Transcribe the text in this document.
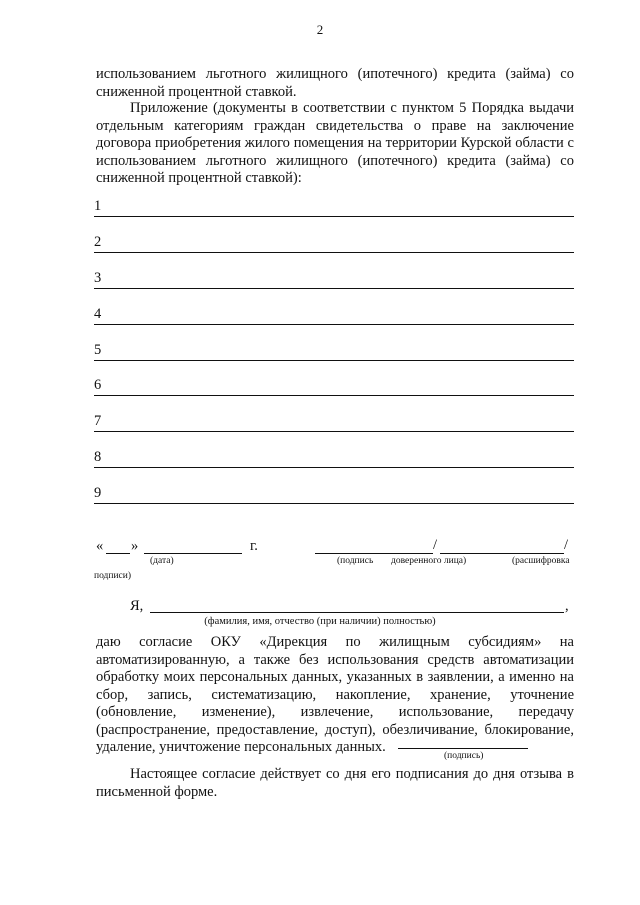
2
использованием льготного жилищного (ипотечного) кредита (займа) со сниженной процентной ставкой.
Приложение (документы в соответствии с пунктом 5 Порядка выдачи отдельным категориям граждан свидетельства о праве на заключение договора приобретения жилого помещения на территории Курской области с использованием льготного жилищного (ипотечного) кредита (займа) со сниженной процентной ставкой):
1
2
3
4
5
6
7
8
9
« »	г.
(дата)
/	/
(подпись доверенного лица)	(расшифровка
подписи)
Я,	,
(фамилия, имя, отчество (при наличии) полностью)
даю согласие ОКУ «Дирекция по жилищным субсидиям» на автоматизированную, а также без использования средств автоматизации обработку моих персональных данных, указанных в заявлении, а именно на сбор, запись, систематизацию, накопление, хранение, уточнение (обновление, изменение), извлечение, использование, передачу (распространение, предоставление, доступ), обезличивание, блокирование, удаление, уничтожение персональных данных.
(подпись)
Настоящее согласие действует со дня его подписания до дня отзыва в письменной форме.
